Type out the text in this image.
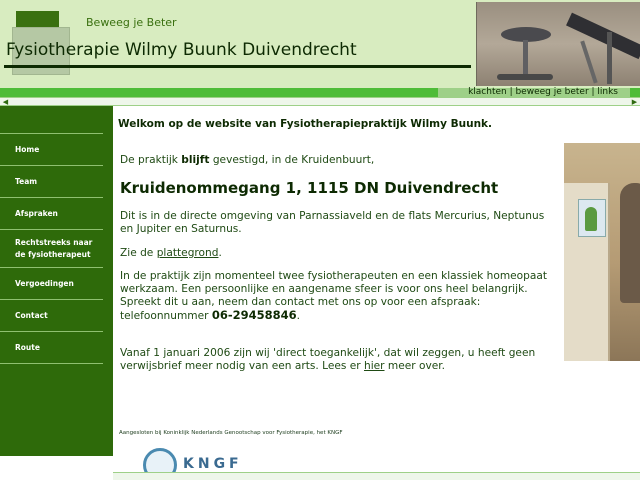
Beweeg je Beter
Fysiotherapie Wilmy Buunk Duivendrecht
klachten | beweeg je beter | links
◀	▶
Home
Team
Afspraken
Rechtstreeks naar de fysiotherapeut
Vergoedingen
Contact
Route
Welkom op de website van Fysiotherapiepraktijk Wilmy Buunk.
De praktijk blijft gevestigd, in de Kruidenbuurt,
Kruidenommegang 1, 1115 DN Duivendrecht
Dit is in de directe omgeving van Parnassiaveld en de flats Mercurius, Neptunus en Jupiter en Saturnus.
Zie de plattegrond.
In de praktijk zijn momenteel twee fysiotherapeuten en een klassiek homeopaat werkzaam. Een persoonlijke en aangename sfeer is voor ons heel belangrijk. Spreekt dit u aan, neem dan contact met ons op voor een afspraak:
telefoonnummer 06-29458846.
Vanaf 1 januari 2006 zijn wij 'direct toegankelijk', dat wil zeggen, u heeft geen verwijsbrief meer nodig van een arts. Lees er hier meer over.
Aangesloten bij Koninklijk Nederlands Genootschap voor Fysiotherapie, het KNGF
KNGF
